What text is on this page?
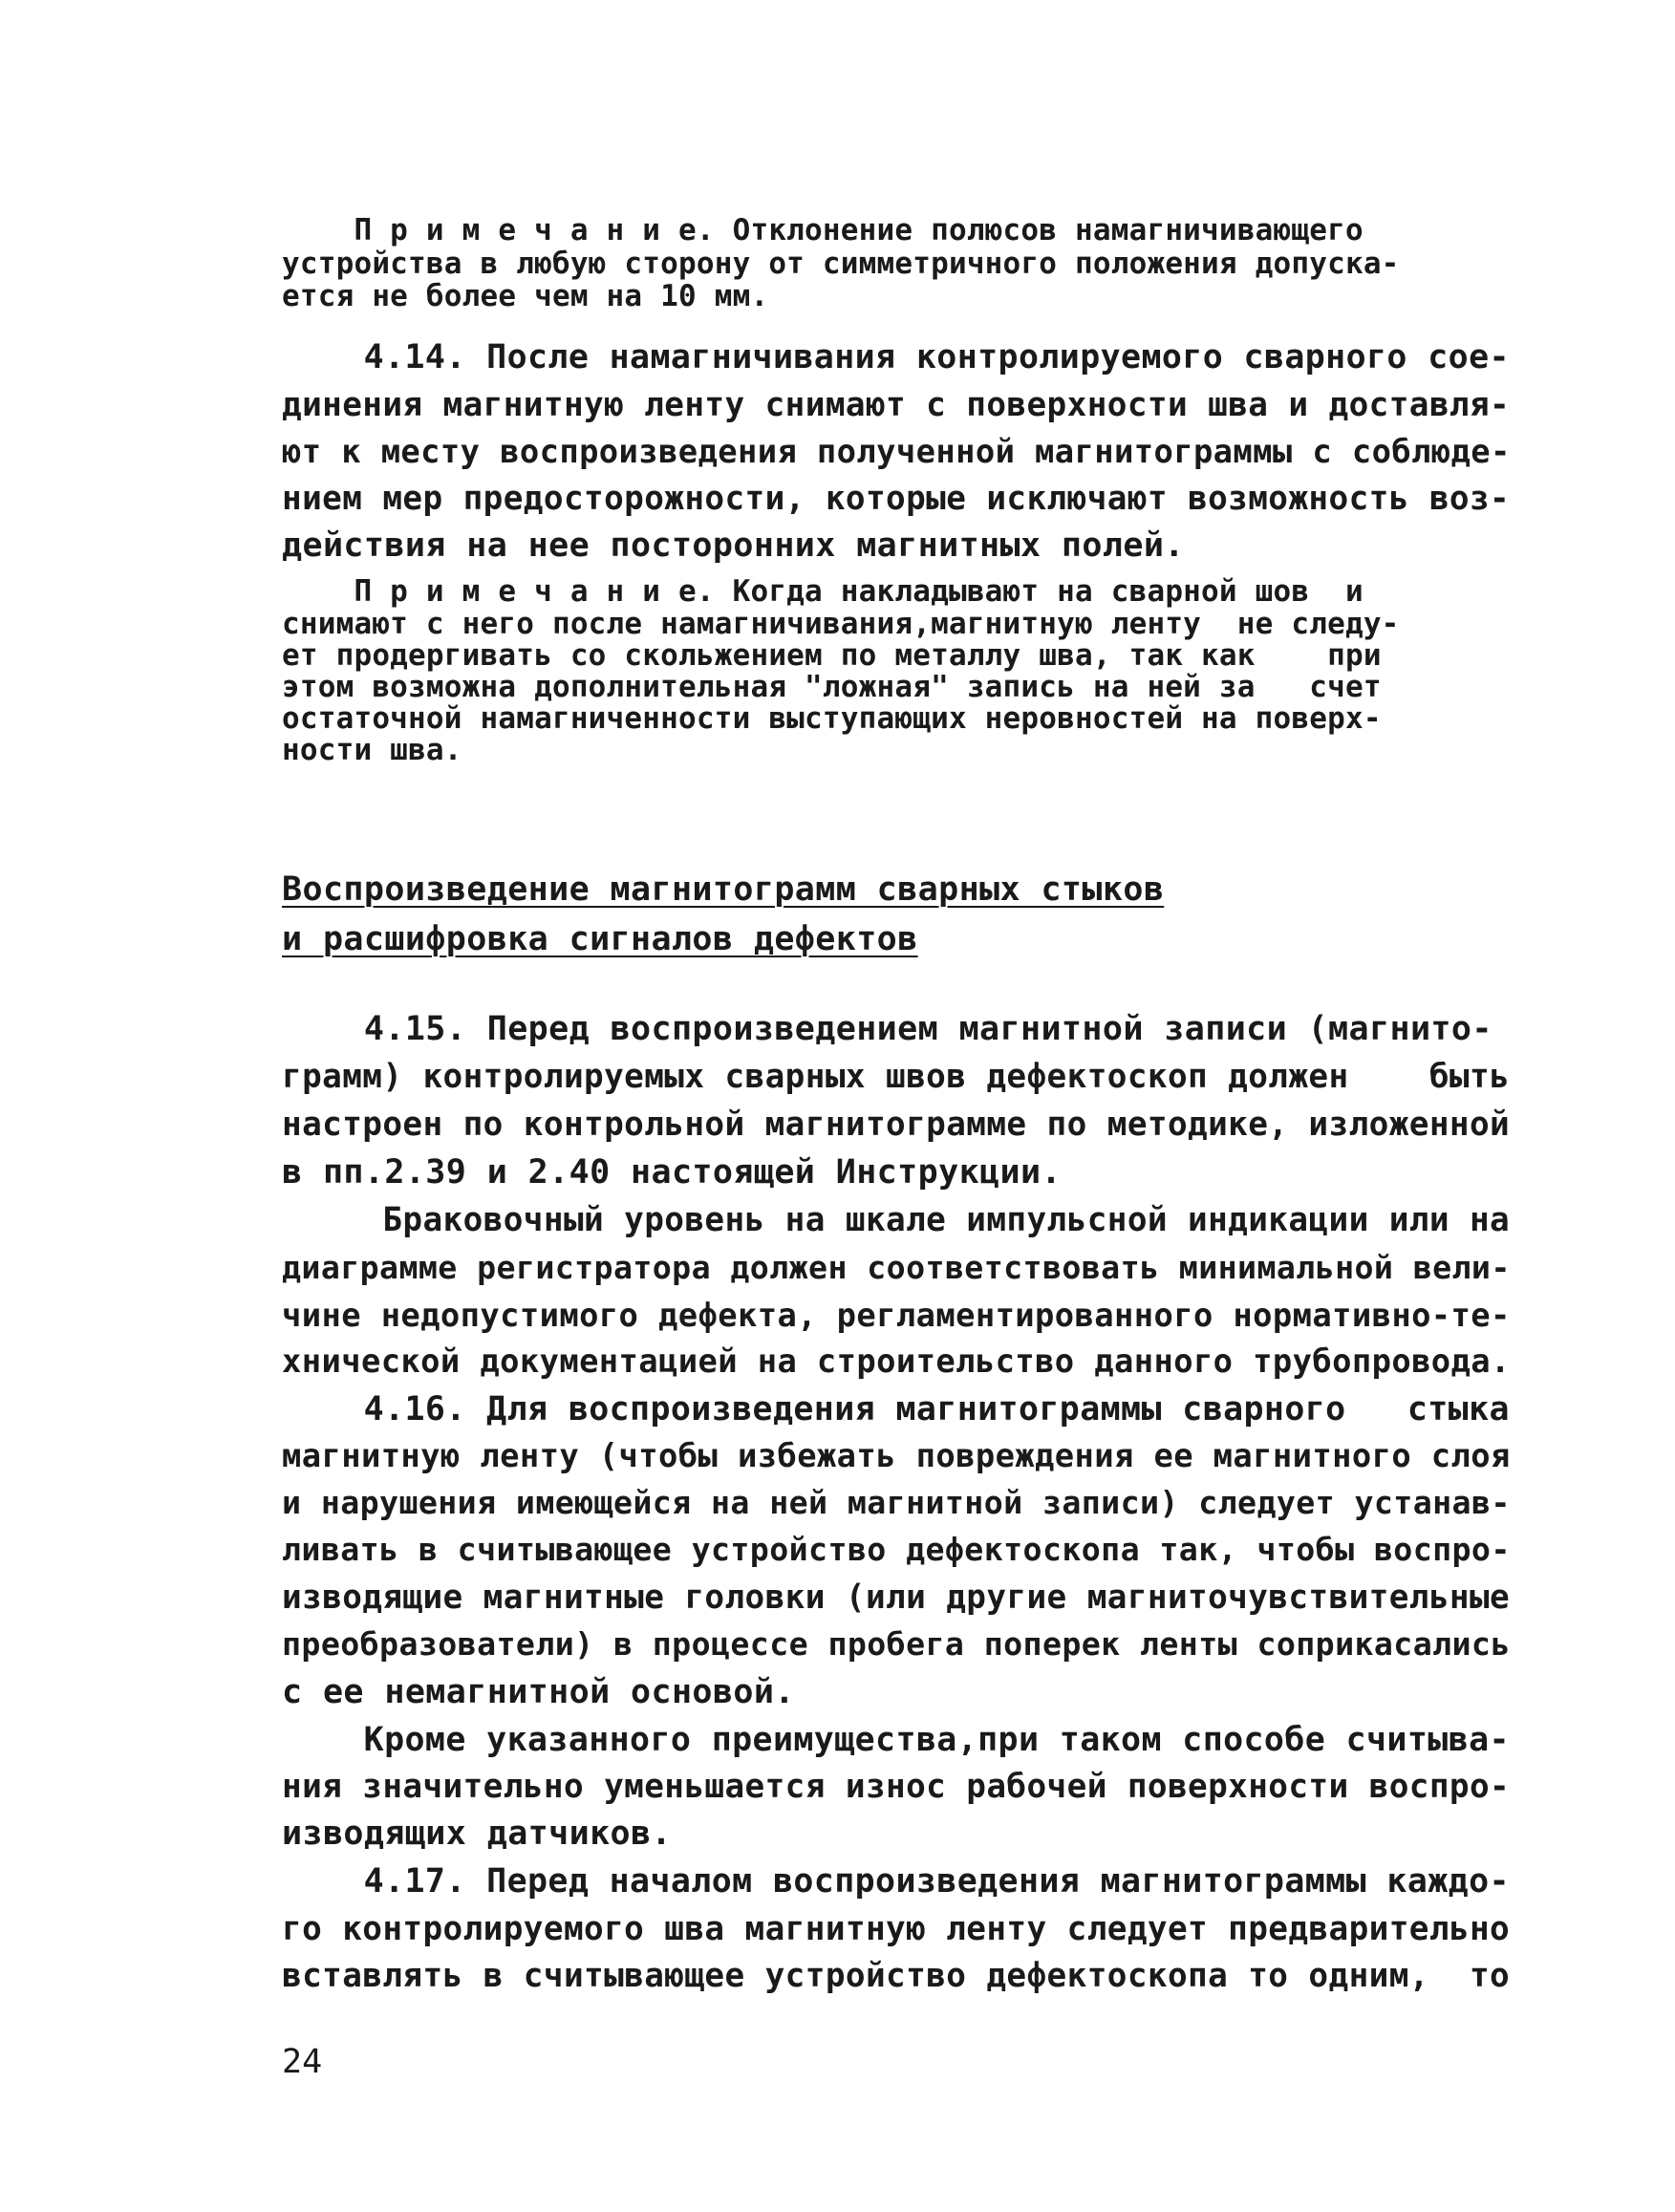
П р и м е ч а н и е. Отклонение полюсов намагничивающего
устройства в любую сторону от симметричного положения допуска-
ется не более чем на 10 мм.
4.14. После намагничивания контролируемого сварного сое-
динения магнитную ленту снимают с поверхности шва и доставля-
ют к месту воспроизведения полученной магнитограммы с соблюде-
нием мер предосторожности, которые исключают возможность воз-
действия на нее посторонних магнитных полей.
П р и м е ч а н и е. Когда накладывают на сварной шов  и
снимают с него после намагничивания,магнитную ленту  не следу-
ет продергивать со скольжением по металлу шва, так как    при
этом возможна дополнительная "ложная" запись на ней за   счет
остаточной намагниченности выступающих неровностей на поверх-
ности шва.
Воспроизведение магнитограмм сварных стыков
и расшифровка сигналов дефектов
4.15. Перед воспроизведением магнитной записи (магнито-
грамм) контролируемых сварных швов дефектоскоп должен    быть
настроен по контрольной магнитограмме по методике, изложенной
в пп.2.39 и 2.40 настоящей Инструкции.
Браковочный уровень на шкале импульсной индикации или на
диаграмме регистратора должен соответствовать минимальной вели-
чине недопустимого дефекта, регламентированного нормативно-те-
хнической документацией на строительство данного трубопровода.
4.16. Для воспроизведения магнитограммы сварного   стыка
магнитную ленту (чтобы избежать повреждения ее магнитного слоя
и нарушения имеющейся на ней магнитной записи) следует устанав-
ливать в считывающее устройство дефектоскопа так, чтобы воспро-
изводящие магнитные головки (или другие магниточувствительные
преобразователи) в процессе пробега поперек ленты соприкасались
с ее немагнитной основой.
Кроме указанного преимущества,при таком способе считыва-
ния значительно уменьшается износ рабочей поверхности воспро-
изводящих датчиков.
4.17. Перед началом воспроизведения магнитограммы каждо-
го контролируемого шва магнитную ленту следует предварительно
вставлять в считывающее устройство дефектоскопа то одним,  то
24
